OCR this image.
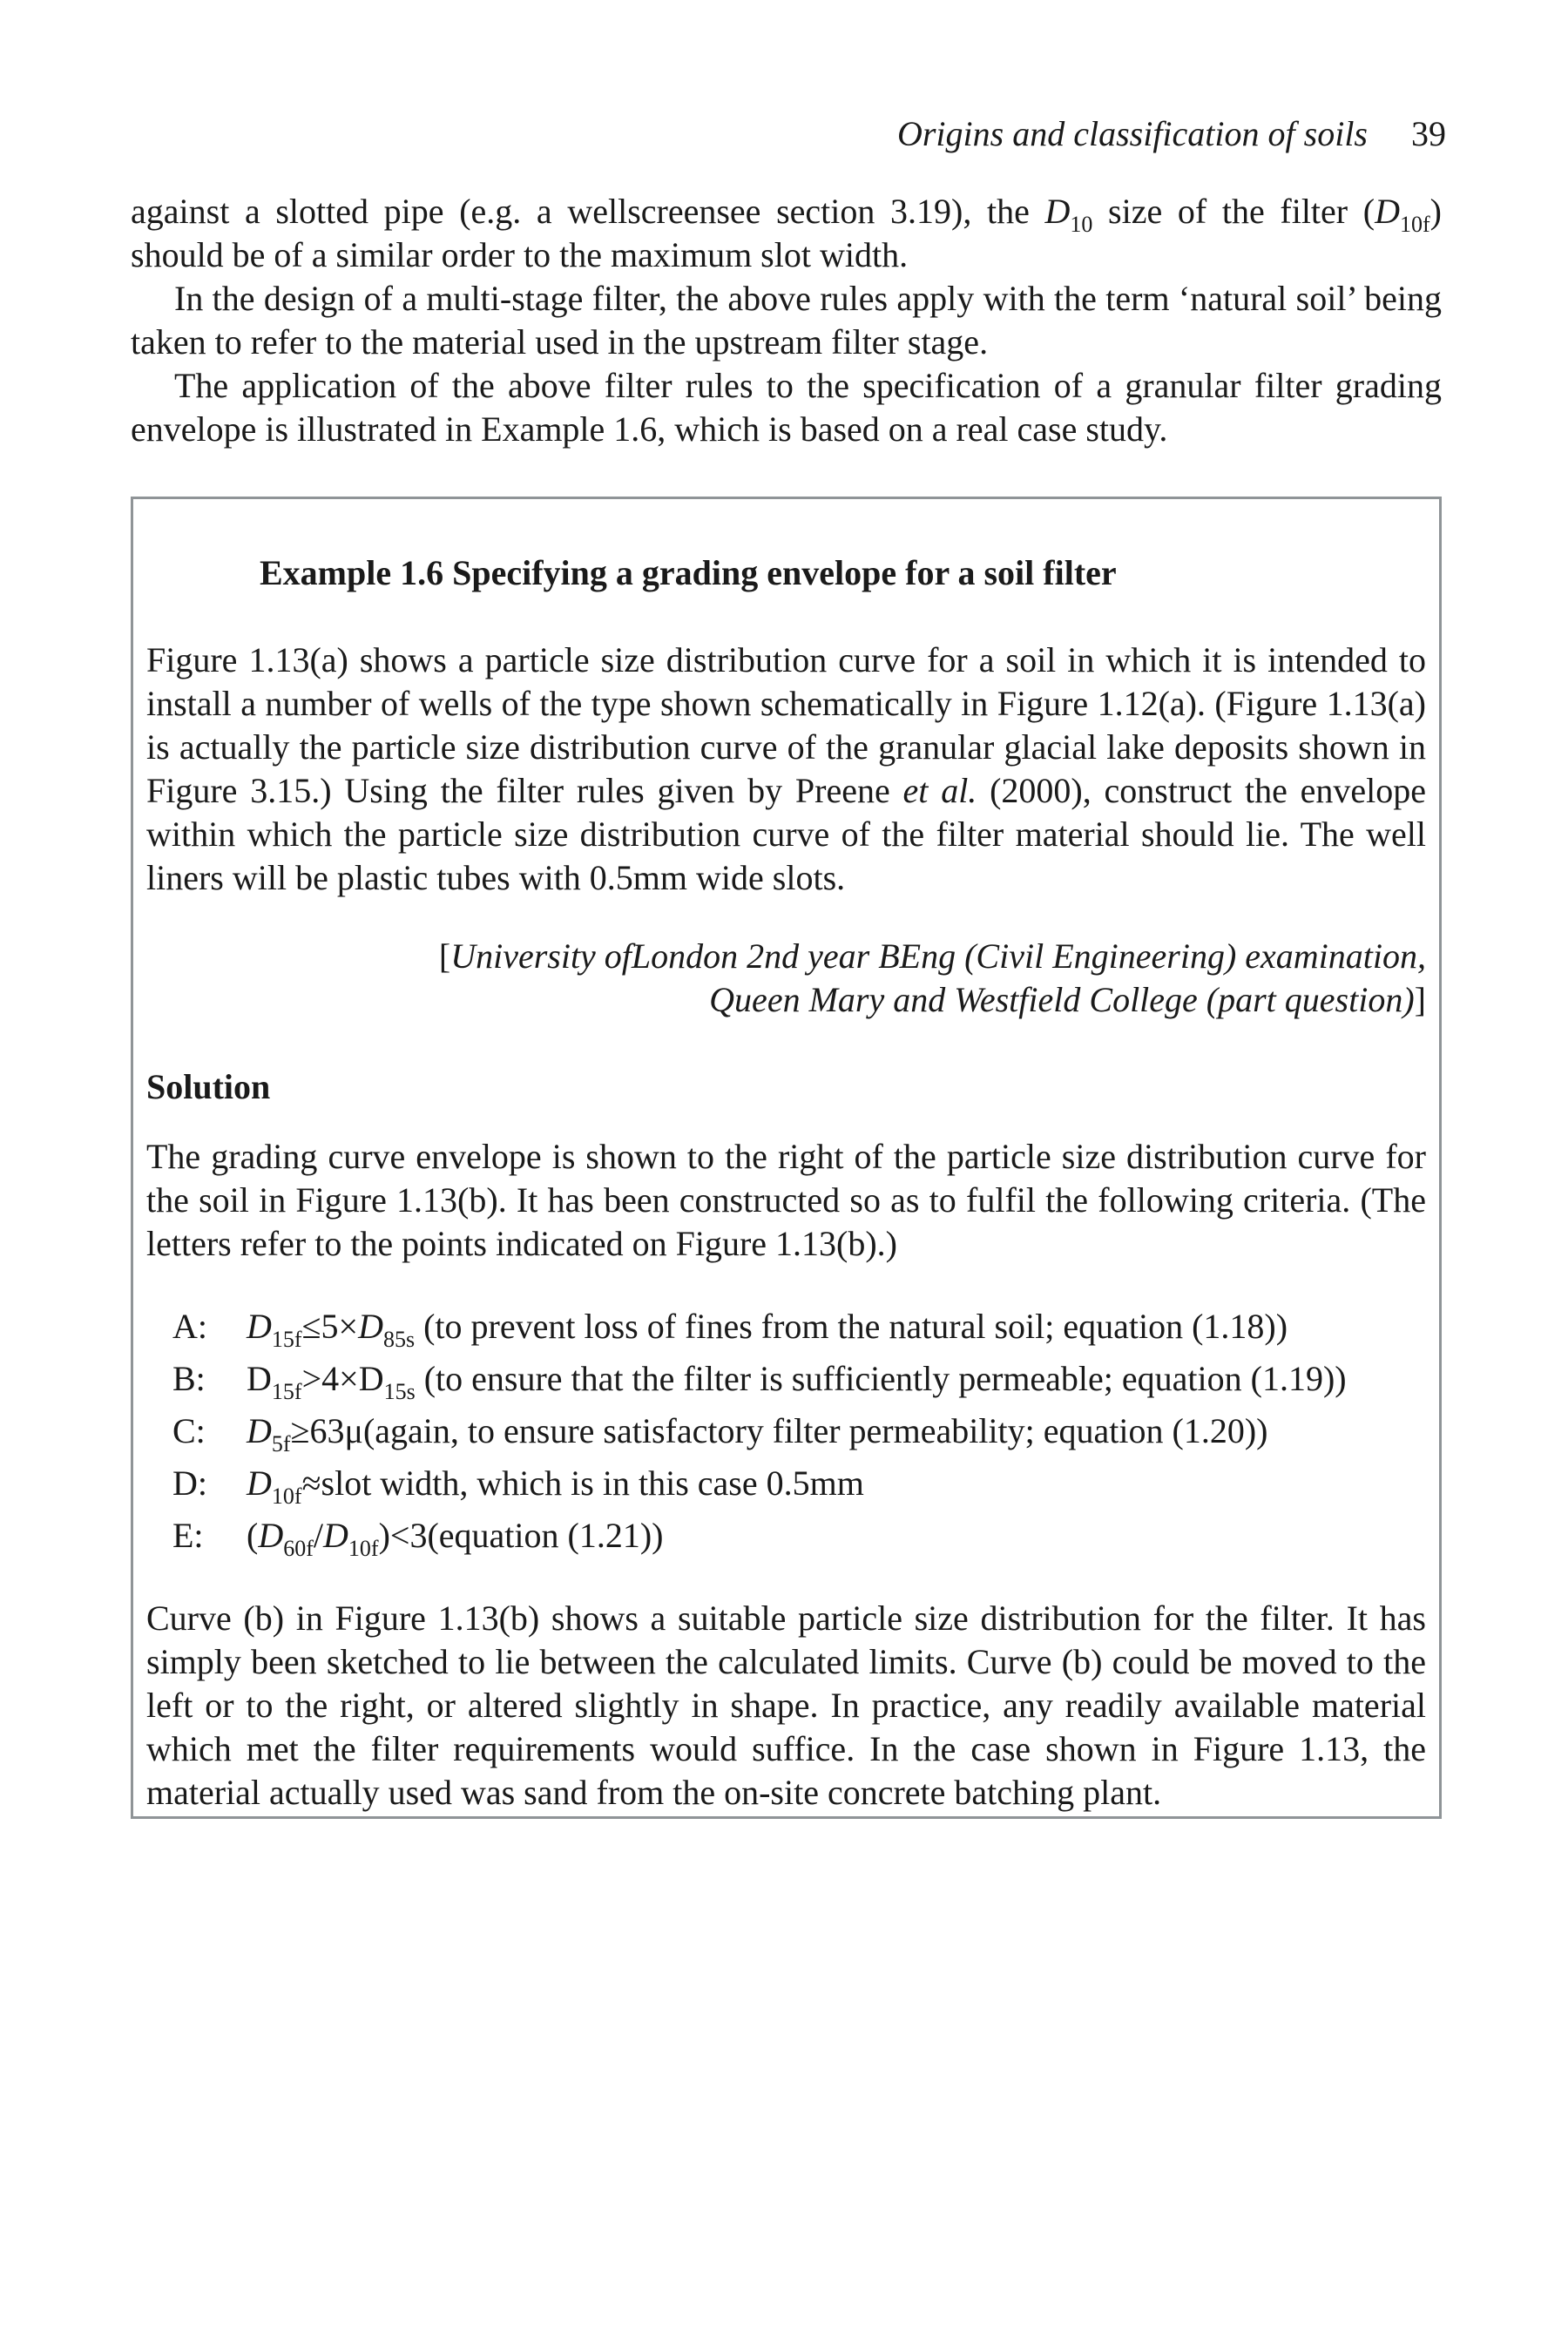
Origins and classification of soils 39

against a slotted pipe (e.g. a wellscreensee section 3.19), the $D_{10}$ size of the filter $(D_{10f})$ should be of a similar order to the maximum slot width.

In the design of a multi-stage filter, the above rules apply with the term ‘natural soil’ being taken to refer to the material used in the upstream filter stage.

The application of the above filter rules to the specification of a granular filter grading envelope is illustrated in Example 1.6, which is based on a real case study.

Example 1.6 Specifying a grading envelope for a soil filter

Figure 1.13(a) shows a particle size distribution curve for a soil in which it is intended to install a number of wells of the type shown schematically in Figure 1.12(a). (Figure 1.13(a) is actually the particle size distribution curve of the granular glacial lake deposits shown in Figure 3.15.) Using the filter rules given by Preene et al. (2000), construct the envelope within which the particle size distribution curve of the filter material should lie. The well liners will be plastic tubes with 0.5mm wide slots.

[University ofLondon 2nd year BEng (Civil Engineering) examination,
Queen Mary and Westfield College (part question)]
Solution

The grading curve envelope is shown to the right of the particle size distribution curve for the soil in Figure 1.13(b). It has been constructed so as to fulfil the following criteria. (The letters refer to the points indicated on Figure 1.13(b).)

A:	$D_{15f}\le 5\times D_{85s}$ (to prevent loss of fines from the natural soil; equation (1.18))
B:	$D_{15f}>4\times D_{15s}$ (to ensure that the filter is sufficiently permeable; equation (1.19))
C:	$D_{5f}\ge 63\mu(again$, to ensure satisfactory filter permeability; equation (1.20))
D:	$D_{10f}\approx slot$ width, which is in this case 0.5mm
E:	$(D_{60f}/D_{10f})<3(equation$ (1.21))

Curve (b) in Figure 1.13(b) shows a suitable particle size distribution for the filter. It has simply been sketched to lie between the calculated limits. Curve (b) could be moved to the left or to the right, or altered slightly in shape. In practice, any readily available material which met the filter requirements would suffice. In the case shown in Figure 1.13, the material actually used was sand from the on-site concrete batching plant.
